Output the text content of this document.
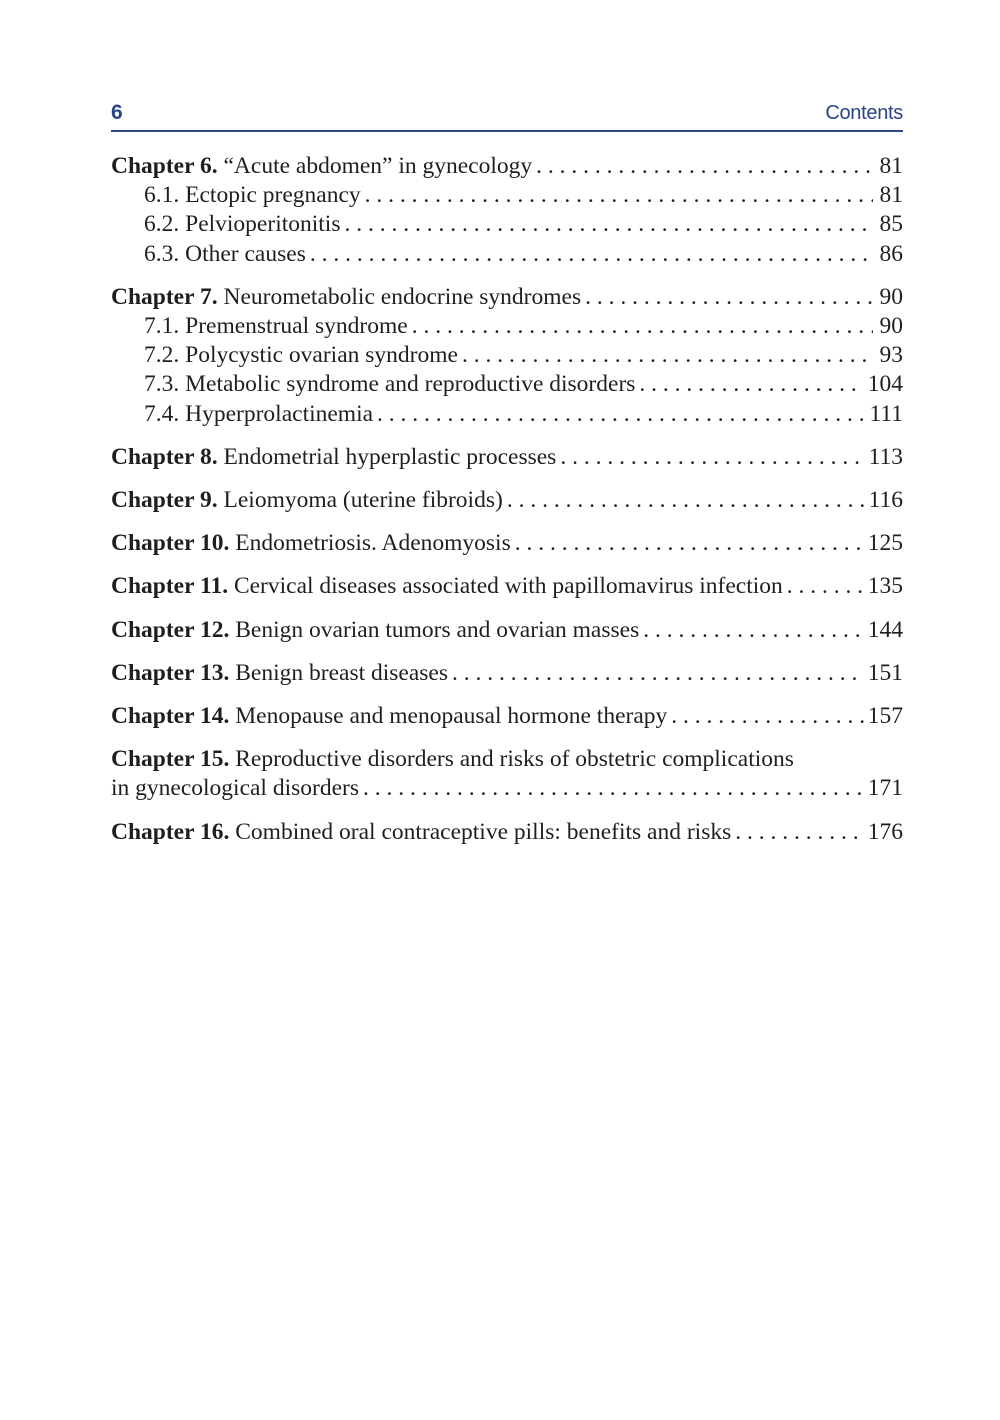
6	Contents
Chapter 6. “Acute abdomen” in gynecology . . .	81
6.1. Ectopic pregnancy . . .	81
6.2. Pelvioperitonitis . . .	85
6.3. Other causes . . .	86
Chapter 7. Neurometabolic endocrine syndromes . . .	90
7.1. Premenstrual syndrome . . .	90
7.2. Polycystic ovarian syndrome . . .	93
7.3. Metabolic syndrome and reproductive disorders . . .	104
7.4. Hyperprolactinemia . . .	111
Chapter 8. Endometrial hyperplastic processes . . .	113
Chapter 9. Leiomyoma (uterine fibroids) . . .	116
Chapter 10. Endometriosis. Adenomyosis . . .	125
Chapter 11. Cervical diseases associated with papillomavirus infection . . .	135
Chapter 12. Benign ovarian tumors and ovarian masses . . .	144
Chapter 13. Benign breast diseases . . .	151
Chapter 14. Menopause and menopausal hormone therapy . . .	157
Chapter 15. Reproductive disorders and risks of obstetric complications
in gynecological disorders . . .	171
Chapter 16. Combined oral contraceptive pills: benefits and risks . . .	176
